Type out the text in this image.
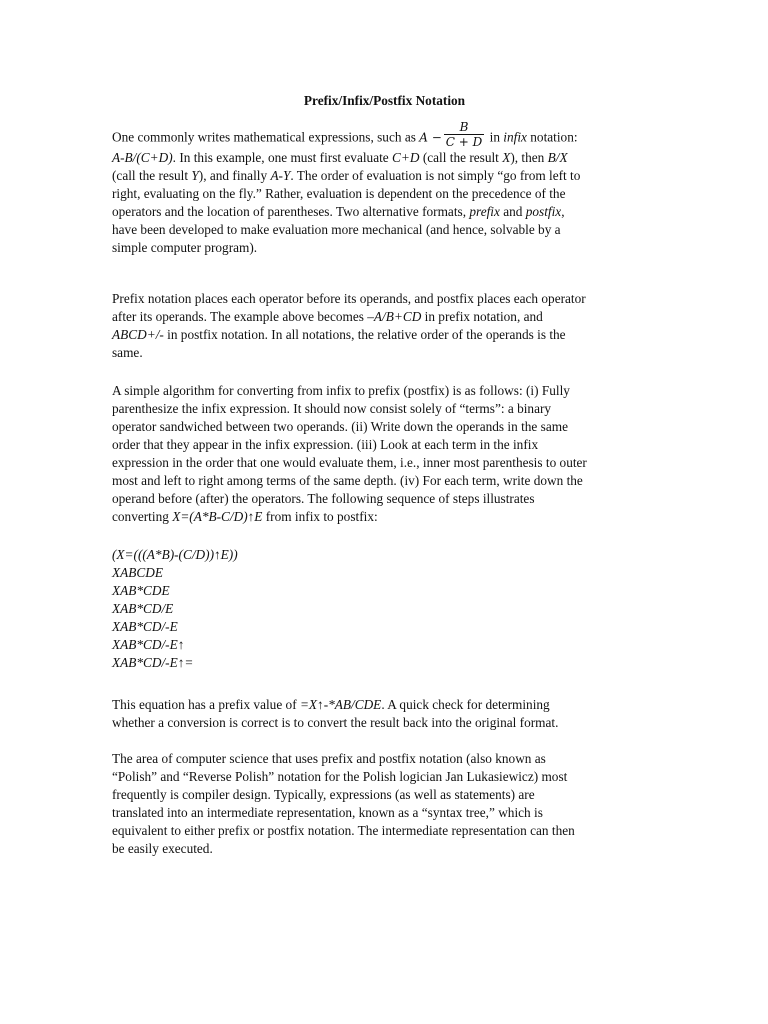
Prefix/Infix/Postfix Notation
One commonly writes mathematical expressions, such as $A - \frac{B}{C + D}$ in infix notation:
A-B/(C+D). In this example, one must first evaluate C+D (call the result X), then B/X
(call the result Y), and finally A-Y. The order of evaluation is not simply “go from left to
right, evaluating on the fly.” Rather, evaluation is dependent on the precedence of the
operators and the location of parentheses. Two alternative formats, prefix and postfix,
have been developed to make evaluation more mechanical (and hence, solvable by a
simple computer program).
Prefix notation places each operator before its operands, and postfix places each operator
after its operands. The example above becomes –A/B+CD in prefix notation, and
ABCD+/- in postfix notation. In all notations, the relative order of the operands is the
same.
A simple algorithm for converting from infix to prefix (postfix) is as follows: (i) Fully
parenthesize the infix expression. It should now consist solely of “terms”: a binary
operator sandwiched between two operands. (ii) Write down the operands in the same
order that they appear in the infix expression. (iii) Look at each term in the infix
expression in the order that one would evaluate them, i.e., inner most parenthesis to outer
most and left to right among terms of the same depth. (iv) For each term, write down the
operand before (after) the operators. The following sequence of steps illustrates
converting X=(A*B-C/D)↑E from infix to postfix:
(X=(((A*B)-(C/D))↑E))
XABCDE
XAB*CDE
XAB*CD/E
XAB*CD/-E
XAB*CD/-E↑
XAB*CD/-E↑=
This equation has a prefix value of =X↑-*AB/CDE. A quick check for determining
whether a conversion is correct is to convert the result back into the original format.
The area of computer science that uses prefix and postfix notation (also known as
“Polish” and “Reverse Polish” notation for the Polish logician Jan Lukasiewicz) most
frequently is compiler design. Typically, expressions (as well as statements) are
translated into an intermediate representation, known as a “syntax tree,” which is
equivalent to either prefix or postfix notation. The intermediate representation can then
be easily executed.
